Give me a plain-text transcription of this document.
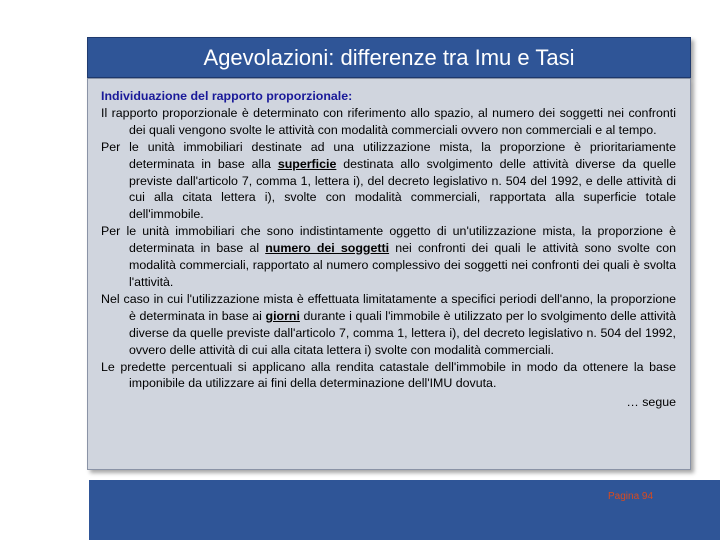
Agevolazioni: differenze tra Imu e Tasi

Individuazione del rapporto proporzionale:

Il rapporto proporzionale è determinato con riferimento allo spazio, al numero dei soggetti nei confronti dei quali vengono svolte le attività con modalità commerciali ovvero non commerciali e al tempo.

Per le unità immobiliari destinate ad una utilizzazione mista, la proporzione è prioritariamente determinata in base alla superficie destinata allo svolgimento delle attività diverse da quelle previste dall'articolo 7, comma 1, lettera i), del decreto legislativo n. 504 del 1992, e delle attività di cui alla citata lettera i), svolte con modalità commerciali, rapportata alla superficie totale dell'immobile.

Per le unità immobiliari che sono indistintamente oggetto di un'utilizzazione mista, la proporzione è determinata in base al numero dei soggetti nei confronti dei quali le attività sono svolte con modalità commerciali, rapportato al numero complessivo dei soggetti nei confronti dei quali è svolta l'attività.

Nel caso in cui l'utilizzazione mista è effettuata limitatamente a specifici periodi dell'anno, la proporzione è determinata in base ai giorni durante i quali l'immobile è utilizzato per lo svolgimento delle attività diverse da quelle previste dall'articolo 7, comma 1, lettera i), del decreto legislativo n. 504 del 1992, ovvero delle attività di cui alla citata lettera i) svolte con modalità commerciali.

Le predette percentuali si applicano alla rendita catastale dell'immobile in modo da ottenere la base imponibile da utilizzare ai fini della determinazione dell'IMU dovuta.

… segue

Pagina 94
